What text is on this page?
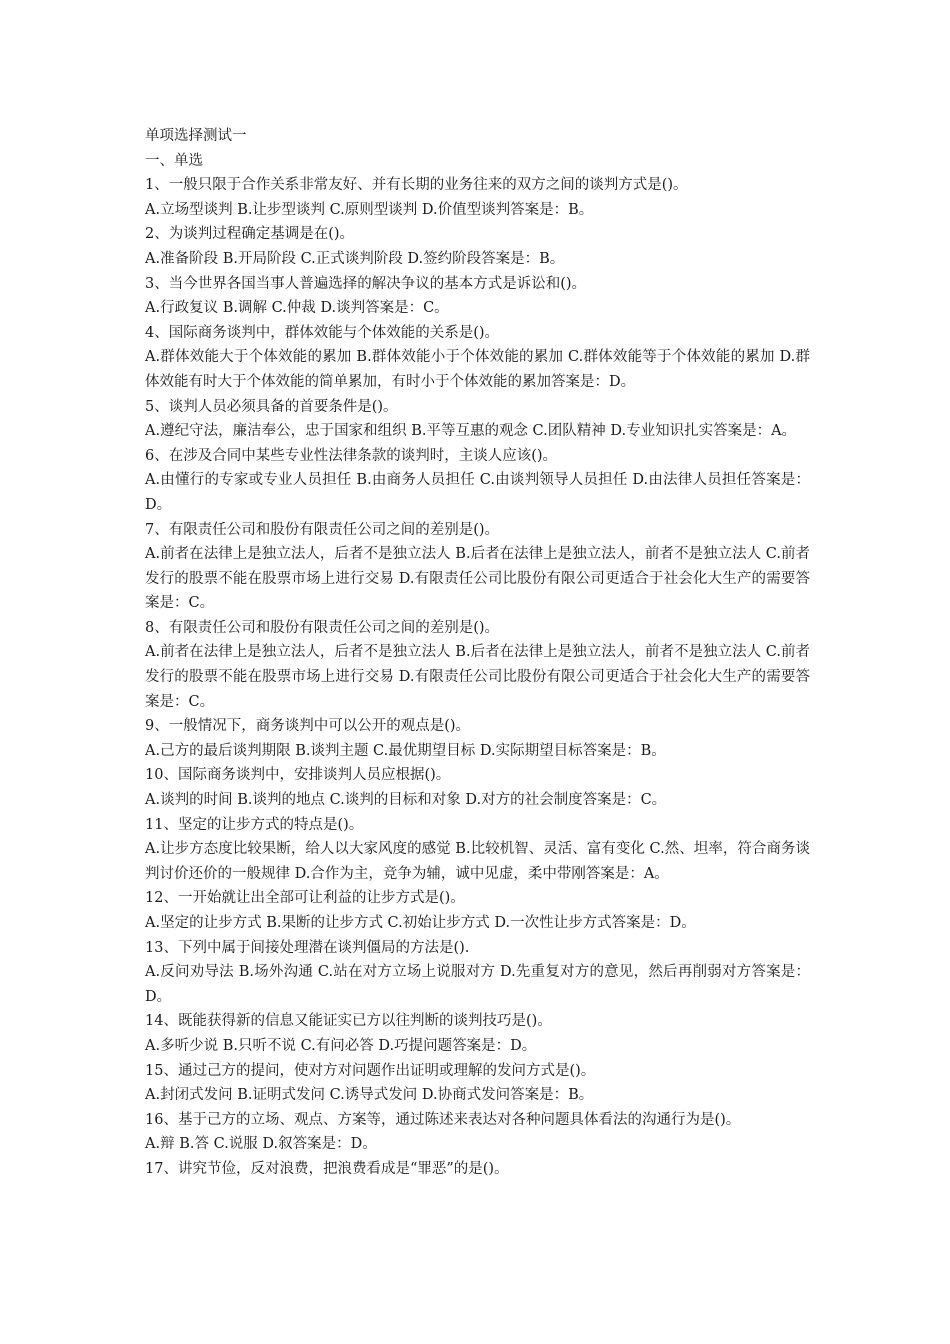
单项选择测试一
一、单选
1、一般只限于合作关系非常友好、并有长期的业务往来的双方之间的谈判方式是()。
A.立场型谈判 B.让步型谈判 C.原则型谈判 D.价值型谈判答案是：B。
2、为谈判过程确定基调是在()。
A.准备阶段 B.开局阶段 C.正式谈判阶段 D.签约阶段答案是：B。
3、当今世界各国当事人普遍选择的解决争议的基本方式是诉讼和()。
A.行政复议 B.调解 C.仲裁 D.谈判答案是：C。
4、国际商务谈判中，群体效能与个体效能的关系是()。
A.群体效能大于个体效能的累加 B.群体效能小于个体效能的累加 C.群体效能等于个体效能的累加 D.群体效能有时大于个体效能的简单累加，有时小于个体效能的累加答案是：D。
5、谈判人员必须具备的首要条件是()。
A.遵纪守法，廉洁奉公，忠于国家和组织 B.平等互惠的观念 C.团队精神 D.专业知识扎实答案是：A。
6、在涉及合同中某些专业性法律条款的谈判时，主谈人应该()。
A.由懂行的专家或专业人员担任 B.由商务人员担任 C.由谈判领导人员担任 D.由法律人员担任答案是：D。
7、有限责任公司和股份有限责任公司之间的差别是()。
A.前者在法律上是独立法人，后者不是独立法人 B.后者在法律上是独立法人，前者不是独立法人 C.前者发行的股票不能在股票市场上进行交易 D.有限责任公司比股份有限公司更适合于社会化大生产的需要答案是：C。
8、有限责任公司和股份有限责任公司之间的差别是()。
A.前者在法律上是独立法人，后者不是独立法人 B.后者在法律上是独立法人，前者不是独立法人 C.前者发行的股票不能在股票市场上进行交易 D.有限责任公司比股份有限公司更适合于社会化大生产的需要答案是：C。
9、一般情况下，商务谈判中可以公开的观点是()。
A.己方的最后谈判期限 B.谈判主题 C.最优期望目标 D.实际期望目标答案是：B。
10、国际商务谈判中，安排谈判人员应根据()。
A.谈判的时间 B.谈判的地点 C.谈判的目标和对象 D.对方的社会制度答案是：C。
11、坚定的让步方式的特点是()。
A.让步方态度比较果断，给人以大家风度的感觉 B.比较机智、灵活、富有变化 C.然、坦率，符合商务谈判讨价还价的一般规律 D.合作为主，竞争为辅，诚中见虚，柔中带刚答案是：A。
12、一开始就让出全部可让利益的让步方式是()。
A.坚定的让步方式 B.果断的让步方式 C.初始让步方式 D.一次性让步方式答案是：D。
13、下列中属于间接处理潜在谈判僵局的方法是().
A.反问劝导法 B.场外沟通 C.站在对方立场上说服对方 D.先重复对方的意见，然后再削弱对方答案是：D。
14、既能获得新的信息又能证实已方以往判断的谈判技巧是()。
A.多听少说 B.只听不说 C.有问必答 D.巧提问题答案是：D。
15、通过己方的提问，使对方对问题作出证明或理解的发问方式是()。
A.封闭式发问 B.证明式发问 C.诱导式发问 D.协商式发问答案是：B。
16、基于己方的立场、观点、方案等，通过陈述来表达对各种问题具体看法的沟通行为是()。
A.辩 B.答 C.说服 D.叙答案是：D。
17、讲究节俭，反对浪费，把浪费看成是“罪恶”的是()。
